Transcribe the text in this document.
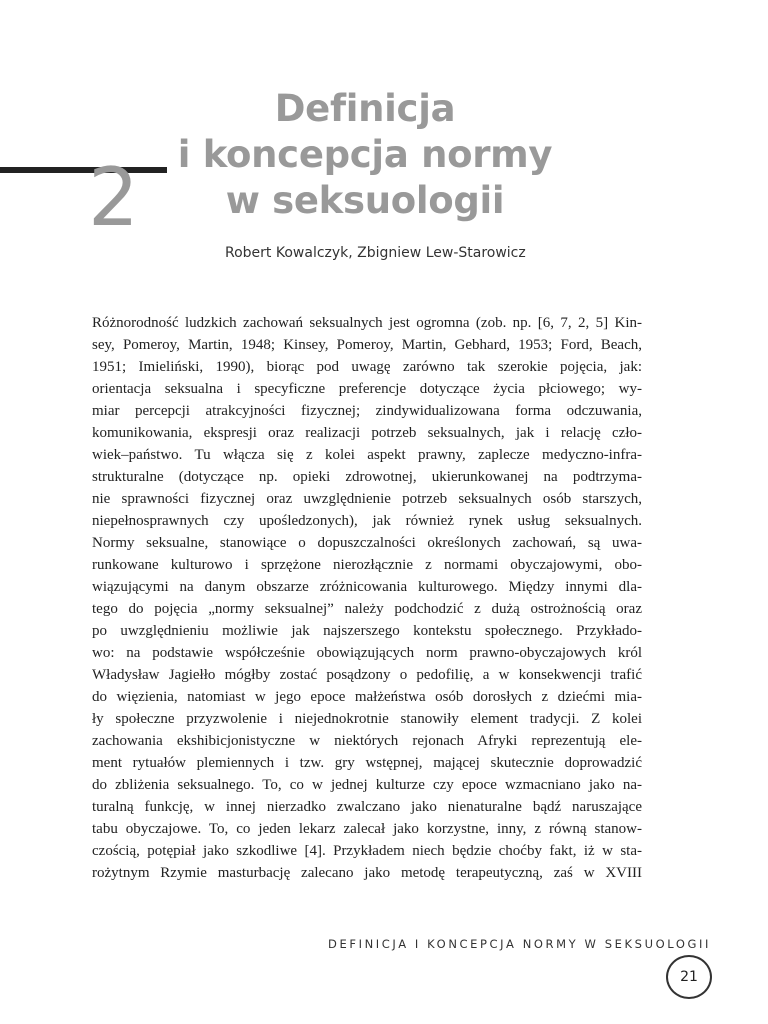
2
Definicja
i koncepcja normy
w seksuologii
Robert Kowalczyk, Zbigniew Lew-Starowicz
Różnorodność ludzkich zachowań seksualnych jest ogromna (zob. np. [6, 7, 2, 5] Kin-
sey, Pomeroy, Martin, 1948; Kinsey, Pomeroy, Martin, Gebhard, 1953; Ford, Beach,
1951; Imieliński, 1990), biorąc pod uwagę zarówno tak szerokie pojęcia, jak:
orientacja seksualna i specyficzne preferencje dotyczące życia płciowego; wy-
miar percepcji atrakcyjności fizycznej; zindywidualizowana forma odczuwania,
komunikowania, ekspresji oraz realizacji potrzeb seksualnych, jak i relację czło-
wiek–państwo. Tu włącza się z kolei aspekt prawny, zaplecze medyczno-infra-
strukturalne (dotyczące np. opieki zdrowotnej, ukierunkowanej na podtrzyma-
nie sprawności fizycznej oraz uwzględnienie potrzeb seksualnych osób starszych,
niepełnosprawnych czy upośledzonych), jak również rynek usług seksualnych.
Normy seksualne, stanowiące o dopuszczalności określonych zachowań, są uwa-
runkowane kulturowo i sprzężone nierozłącznie z normami obyczajowymi, obo-
wiązującymi na danym obszarze zróżnicowania kulturowego. Między innymi dla-
tego do pojęcia „normy seksualnej” należy podchodzić z dużą ostrożnością oraz
po uwzględnieniu możliwie jak najszerszego kontekstu społecznego. Przykłado-
wo: na podstawie współcześnie obowiązujących norm prawno-obyczajowych król
Władysław Jagiełło mógłby zostać posądzony o pedofilię, a w konsekwencji trafić
do więzienia, natomiast w jego epoce małżeństwa osób dorosłych z dziećmi mia-
ły społeczne przyzwolenie i niejednokrotnie stanowiły element tradycji. Z kolei
zachowania ekshibicjonistyczne w niektórych rejonach Afryki reprezentują ele-
ment rytuałów plemiennych i tzw. gry wstępnej, mającej skutecznie doprowadzić
do zbliżenia seksualnego. To, co w jednej kulturze czy epoce wzmacniano jako na-
turalną funkcję, w innej nierzadko zwalczano jako nienaturalne bądź naruszające
tabu obyczajowe. To, co jeden lekarz zalecał jako korzystne, inny, z równą stanow-
czością, potępiał jako szkodliwe [4]. Przykładem niech będzie choćby fakt, iż w sta-
rożytnym Rzymie masturbację zalecano jako metodę terapeutyczną, zaś w XVIII
DEFINICJA I KONCEPCJA NORMY W SEKSUOLOGII
21
